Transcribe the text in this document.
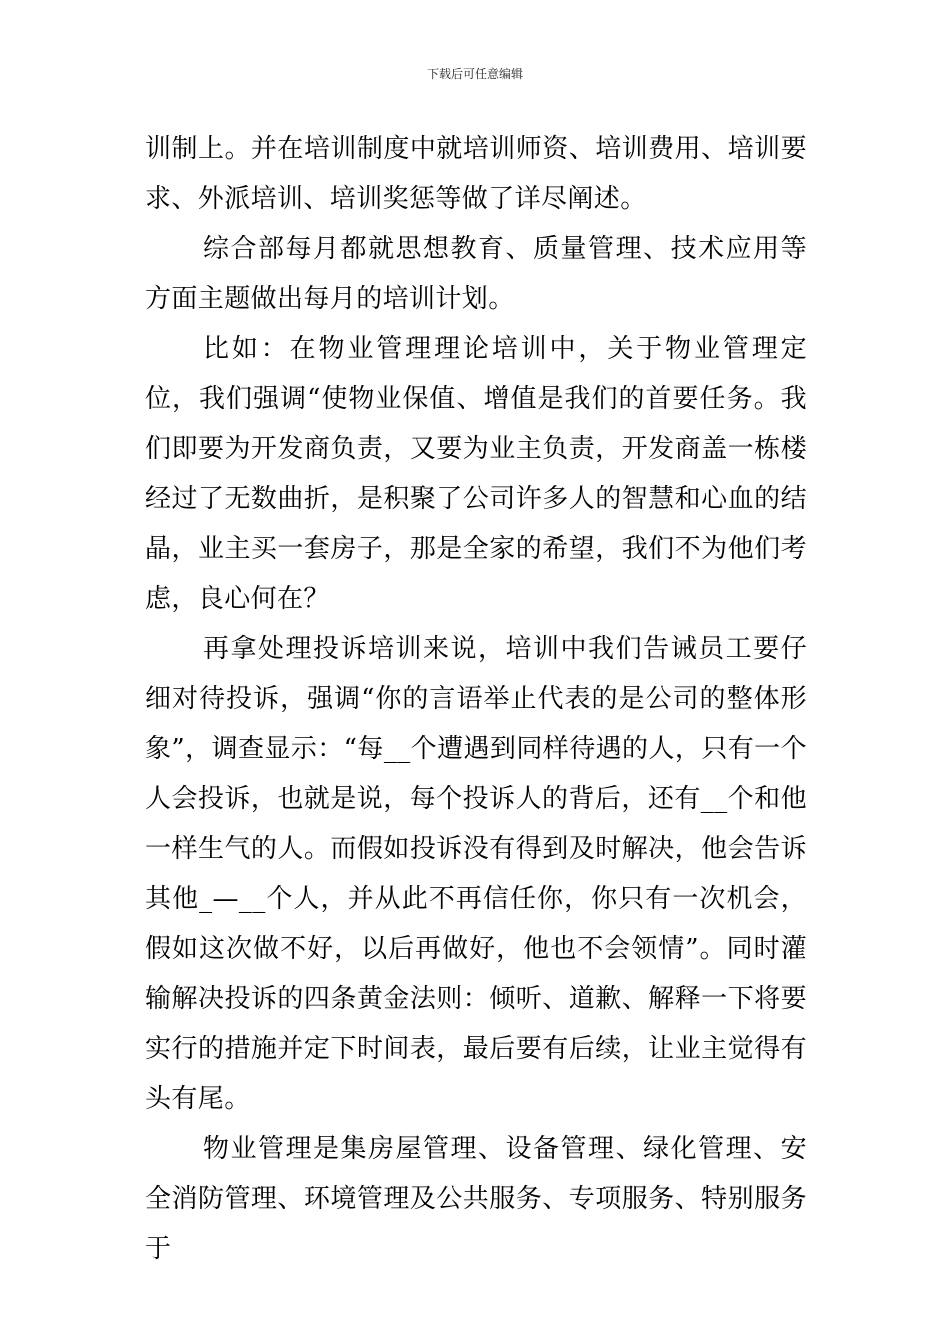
下载后可任意编辑

训制上。并在培训制度中就培训师资、培训费用、培训要求、外派培训、培训奖惩等做了详尽阐述。

综合部每月都就思想教育、质量管理、技术应用等方面主题做出每月的培训计划。

比如：在物业管理理论培训中，关于物业管理定位，我们强调“使物业保值、增值是我们的首要任务。我们即要为开发商负责，又要为业主负责，开发商盖一栋楼经过了无数曲折，是积聚了公司许多人的智慧和心血的结晶，业主买一套房子，那是全家的希望，我们不为他们考虑，良心何在？

再拿处理投诉培训来说，培训中我们告诫员工要仔细对待投诉，强调“你的言语举止代表的是公司的整体形象”，调查显示：“每__个遭遇到同样待遇的人，只有一个人会投诉，也就是说，每个投诉人的背后，还有__个和他一样生气的人。而假如投诉没有得到及时解决，他会告诉其他_—__个人，并从此不再信任你，你只有一次机会，假如这次做不好，以后再做好，他也不会领情”。同时灌输解决投诉的四条黄金法则：倾听、道歉、解释一下将要实行的措施并定下时间表，最后要有后续，让业主觉得有头有尾。

物业管理是集房屋管理、设备管理、绿化管理、安全消防管理、环境管理及公共服务、专项服务、特别服务于
